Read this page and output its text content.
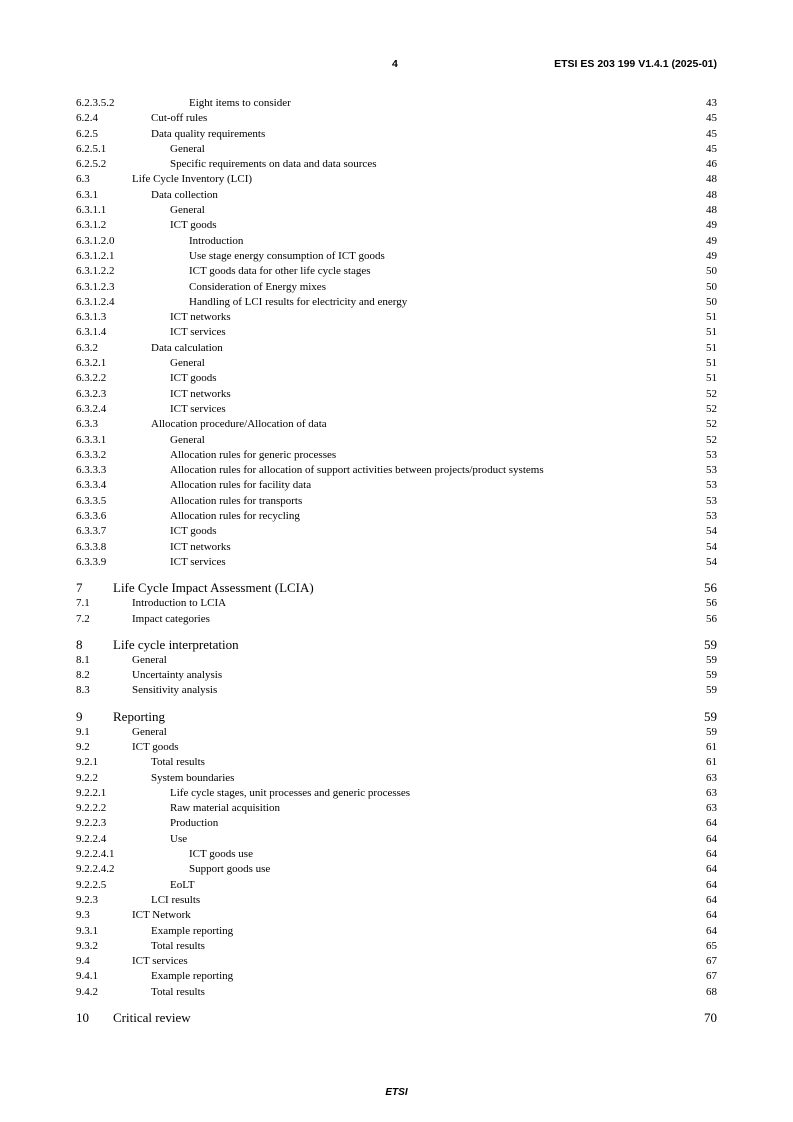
4	ETSI ES 203 199 V1.4.1 (2025-01)
6.2.3.5.2	Eight items to consider	43
6.2.4	Cut-off rules	45
6.2.5	Data quality requirements	45
6.2.5.1	General	45
6.2.5.2	Specific requirements on data and data sources	46
6.3	Life Cycle Inventory (LCI)	48
6.3.1	Data collection	48
6.3.1.1	General	48
6.3.1.2	ICT goods	49
6.3.1.2.0	Introduction	49
6.3.1.2.1	Use stage energy consumption of ICT goods	49
6.3.1.2.2	ICT goods data for other life cycle stages	50
6.3.1.2.3	Consideration of Energy mixes	50
6.3.1.2.4	Handling of LCI results for electricity and energy	50
6.3.1.3	ICT networks	51
6.3.1.4	ICT services	51
6.3.2	Data calculation	51
6.3.2.1	General	51
6.3.2.2	ICT goods	51
6.3.2.3	ICT networks	52
6.3.2.4	ICT services	52
6.3.3	Allocation procedure/Allocation of data	52
6.3.3.1	General	52
6.3.3.2	Allocation rules for generic processes	53
6.3.3.3	Allocation rules for allocation of support activities between projects/product systems	53
6.3.3.4	Allocation rules for facility data	53
6.3.3.5	Allocation rules for transports	53
6.3.3.6	Allocation rules for recycling	53
6.3.3.7	ICT goods	54
6.3.3.8	ICT networks	54
6.3.3.9	ICT services	54
7	Life Cycle Impact Assessment (LCIA)	56
7.1	Introduction to LCIA	56
7.2	Impact categories	56
8	Life cycle interpretation	59
8.1	General	59
8.2	Uncertainty analysis	59
8.3	Sensitivity analysis	59
9	Reporting	59
9.1	General	59
9.2	ICT goods	61
9.2.1	Total results	61
9.2.2	System boundaries	63
9.2.2.1	Life cycle stages, unit processes and generic processes	63
9.2.2.2	Raw material acquisition	63
9.2.2.3	Production	64
9.2.2.4	Use	64
9.2.2.4.1	ICT goods use	64
9.2.2.4.2	Support goods use	64
9.2.2.5	EoLT	64
9.2.3	LCI results	64
9.3	ICT Network	64
9.3.1	Example reporting	64
9.3.2	Total results	65
9.4	ICT services	67
9.4.1	Example reporting	67
9.4.2	Total results	68
10	Critical review	70
ETSI
